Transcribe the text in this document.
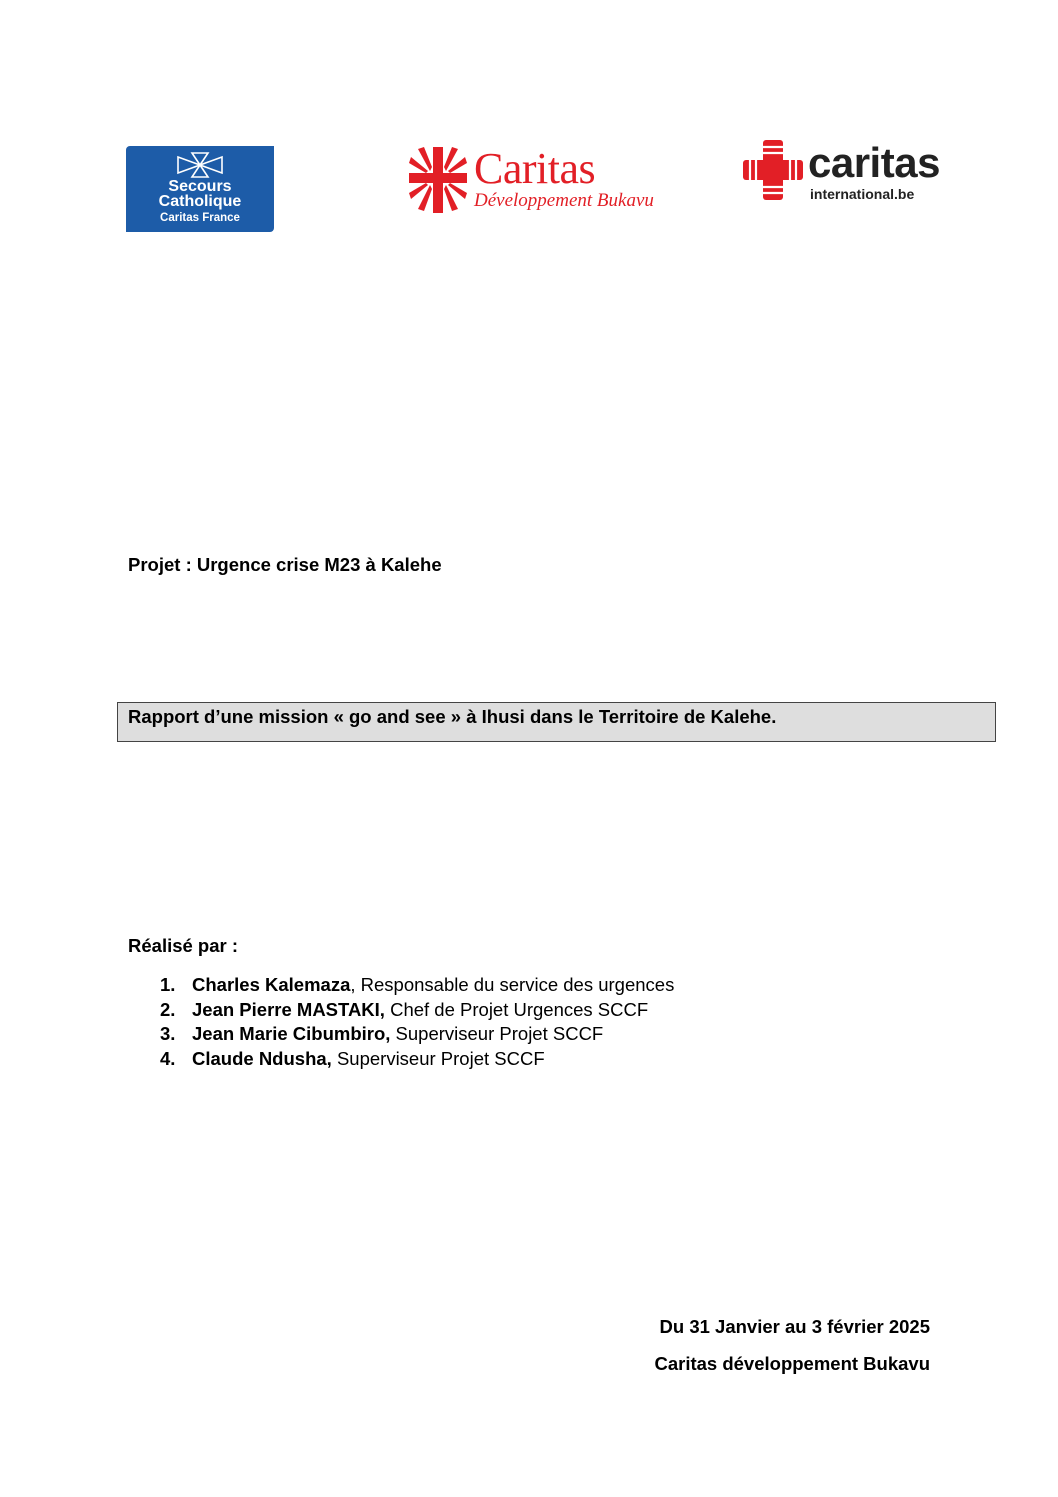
Secours
Catholique
Caritas France
Caritas
Développement Bukavu
caritas
international.be
Projet : Urgence crise M23 à Kalehe
Rapport d’une mission « go and see » à Ihusi dans le Territoire de Kalehe.
Réalisé par :
1. Charles Kalemaza, Responsable du service des urgences
2. Jean Pierre MASTAKI, Chef de Projet Urgences SCCF
3. Jean Marie Cibumbiro, Superviseur Projet SCCF
4. Claude Ndusha, Superviseur Projet SCCF
Du 31 Janvier au 3 février 2025
Caritas développement Bukavu
